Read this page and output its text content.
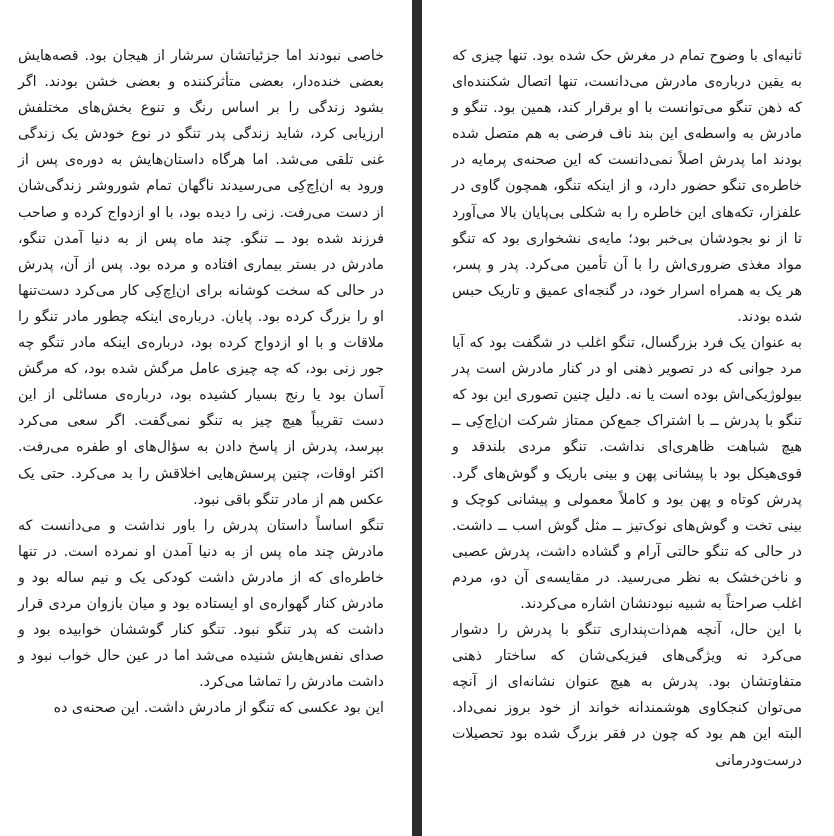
خاصی نبودند اما جزئیاتشان سرشار از هیجان بود. قصه‌هایش بعضی خنده‌دار، بعضی متأثرکننده و بعضی خشن بودند. اگر بشود زندگی را بر اساس رنگ و تنوع بخش‌های مختلفش ارزیابی کرد، شاید زندگی پدر تنگو در نوع خودش یک زندگی غنی تلقی می‌شد. اما هرگاه داستان‌هایش به دوره‌ی پس از ورود به ان‌اِچ‌کِی می‌رسیدند ناگهان تمام شوروشر زندگی‌شان از دست می‌رفت. زنی را دیده بود، با او ازدواج کرده و صاحب فرزند شده بود ــ تنگو. چند ماه پس از به دنیا آمدن تنگو، مادرش در بستر بیماری افتاده و مرده بود. پس از آن، پدرش در حالی که سخت کوشانه برای ان‌اِچ‌کِی کار می‌کرد دست‌تنها او را بزرگ کرده بود. پایان. درباره‌ی اینکه چطور مادر تنگو را ملاقات و با او ازدواج کرده بود، درباره‌ی اینکه مادر تنگو چه جور زنی بود، که چه چیزی عامل مرگش شده بود، که مرگش آسان بود یا رنج بسیار کشیده بود، درباره‌ی مسائلی از این دست تقریباً هیچ چیز به تنگو نمی‌گفت. اگر سعی می‌کرد بپرسد، پدرش از پاسخ دادن به سؤال‌های او طفره می‌رفت. اکثر اوقات، چنین پرسش‌هایی اخلاقش را بد می‌کرد. حتی یک عکس هم از مادر تنگو باقی نبود.

تنگو اساساً داستان پدرش را باور نداشت و می‌دانست که مادرش چند ماه پس از به دنیا آمدن او نمرده است. در تنها خاطره‌ای که از مادرش داشت کودکی یک و نیم ساله بود و مادرش کنار گهواره‌ی او ایستاده بود و میان بازوان مردی قرار داشت که پدر تنگو نبود. تنگو کنار گوششان خوابیده بود و صدای نفس‌هایش شنیده می‌شد اما در عین حال خواب نبود و داشت مادرش را تماشا می‌کرد.

این بود عکسی که تنگو از مادرش داشت. این صحنه‌ی ده

ثانیه‌ای با وضوح تمام در مغرش حک شده بود. تنها چیزی که به یقین درباره‌ی مادرش می‌دانست، تنها اتصال شکننده‌ای که ذهن تنگو می‌توانست با او برقرار کند، همین بود. تنگو و مادرش به واسطه‌ی این بند ناف فرضی به هم متصل شده بودند اما پدرش اصلاً نمی‌دانست که این صحنه‌ی پرمایه در خاطره‌ی تنگو حضور دارد، و از اینکه تنگو، همچون گاوی در علفزار، تکه‌های این خاطره را به شکلی بی‌پایان بالا می‌آورد تا از نو بجودشان بی‌خبر بود؛ مایه‌ی نشخواری بود که تنگو مواد مغذی ضروری‌اش را با آن تأمین می‌کرد. پدر و پسر، هر یک به همراه اسرار خود، در گنجه‌ای عمیق و تاریک حبس شده بودند.

به عنوان یک فرد بزرگسال، تنگو اغلب در شگفت بود که آیا مرد جوانی که در تصویر ذهنی او در کنار مادرش است پدر بیولوژیکی‌اش بوده است یا نه. دلیل چنین تصوری این بود که تنگو با پدرش ــ با اشتراک جمع‌کن ممتاز شرکت ان‌اِچ‌کِی ــ هیچ شباهت ظاهری‌ای نداشت. تنگو مردی بلندقد و قوی‌هیکل بود با پیشانی پهن و بینی باریک و گوش‌های گرد. پدرش کوتاه و پهن بود و کاملاً معمولی و پیشانی کوچک و بینی تخت و گوش‌های نوک‌تیز ــ مثل گوش اسب ــ داشت. در حالی که تنگو حالتی آرام و گشاده داشت، پدرش عصبی و ناخن‌خشک به نظر می‌رسید. در مقایسه‌ی آن دو، مردم اغلب صراحتاً به شبیه نبودنشان اشاره می‌کردند.

با این حال، آنچه هم‌ذات‌پنداری تنگو با پدرش را دشوار می‌کرد نه ویژگی‌های فیزیکی‌شان که ساختار ذهنی متفاوتشان بود. پدرش به هیچ عنوان نشانه‌ای از آنچه می‌توان کنجکاوی هوشمندانه خواند از خود بروز نمی‌داد. البته این هم بود که چون در فقر بزرگ شده بود تحصیلات درست‌ودرمانی
